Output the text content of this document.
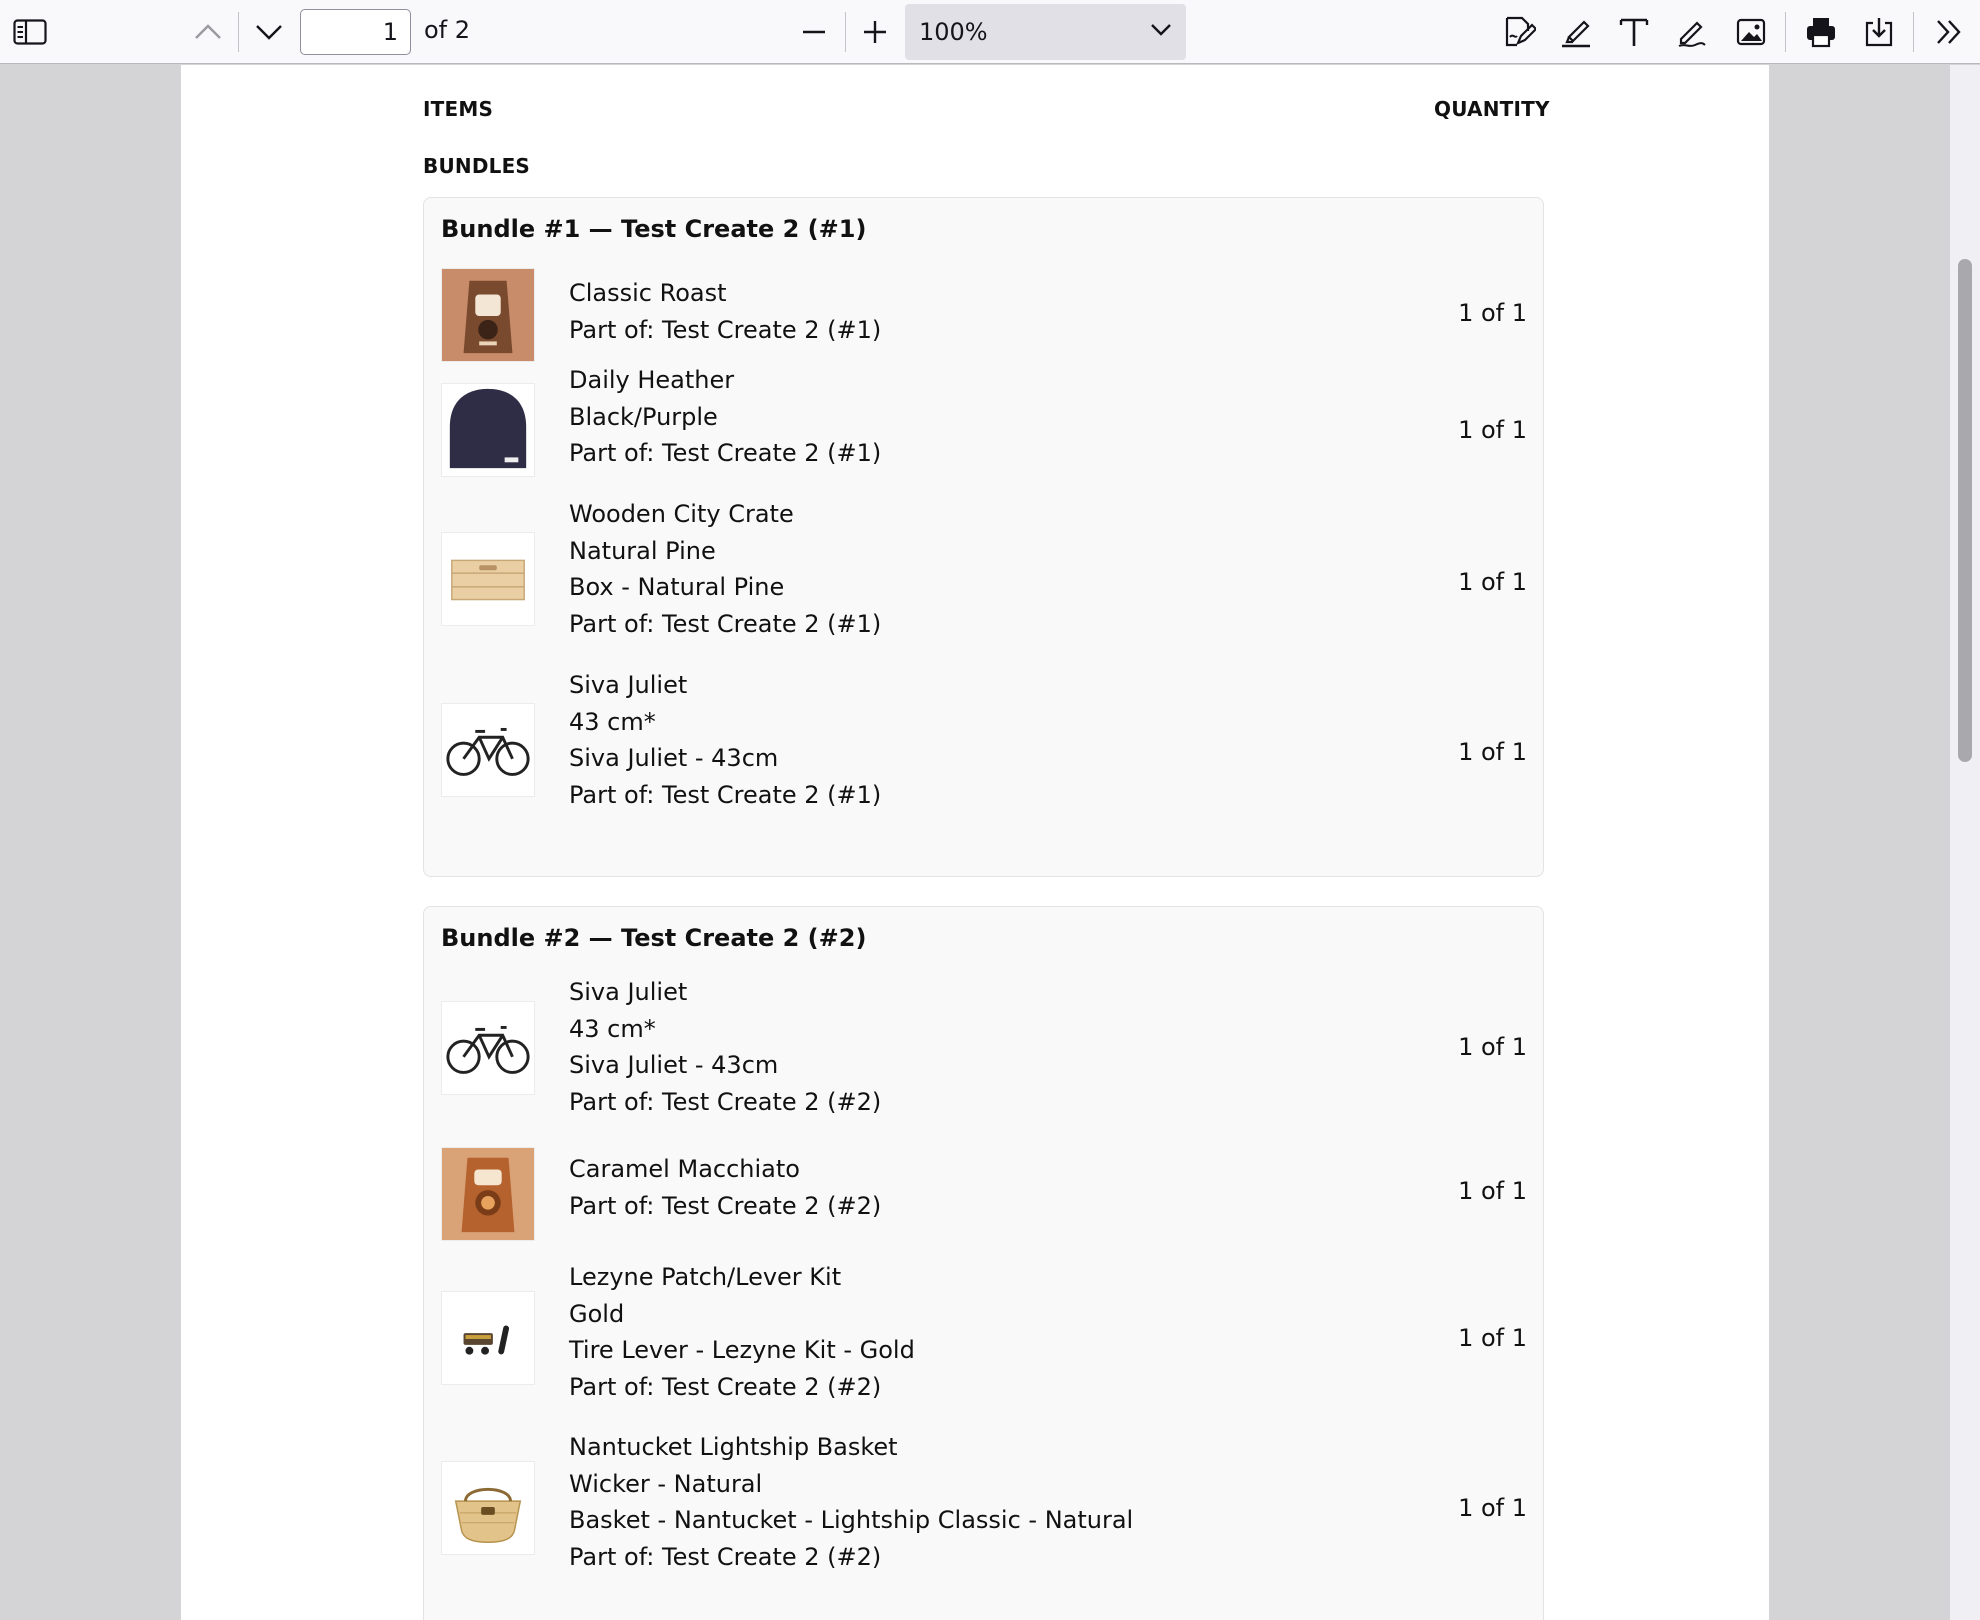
1
of 2	100%
ITEMS	QUANTITY
BUNDLES
Bundle #1 — Test Create 2 (#1)
Classic Roast
Part of: Test Create 2 (#1)
1 of 1
Daily Heather
Black/Purple
Part of: Test Create 2 (#1)
1 of 1
Wooden City Crate
Natural Pine
Box - Natural Pine
Part of: Test Create 2 (#1)
1 of 1
Siva Juliet
43 cm*
Siva Juliet - 43cm
Part of: Test Create 2 (#1)
1 of 1
Bundle #2 — Test Create 2 (#2)
Siva Juliet
43 cm*
Siva Juliet - 43cm
Part of: Test Create 2 (#2)
1 of 1
Caramel Macchiato
Part of: Test Create 2 (#2)
1 of 1
Lezyne Patch/Lever Kit
Gold
Tire Lever - Lezyne Kit - Gold
Part of: Test Create 2 (#2)
1 of 1
Nantucket Lightship Basket
Wicker - Natural
Basket - Nantucket - Lightship Classic - Natural
Part of: Test Create 2 (#2)
1 of 1
